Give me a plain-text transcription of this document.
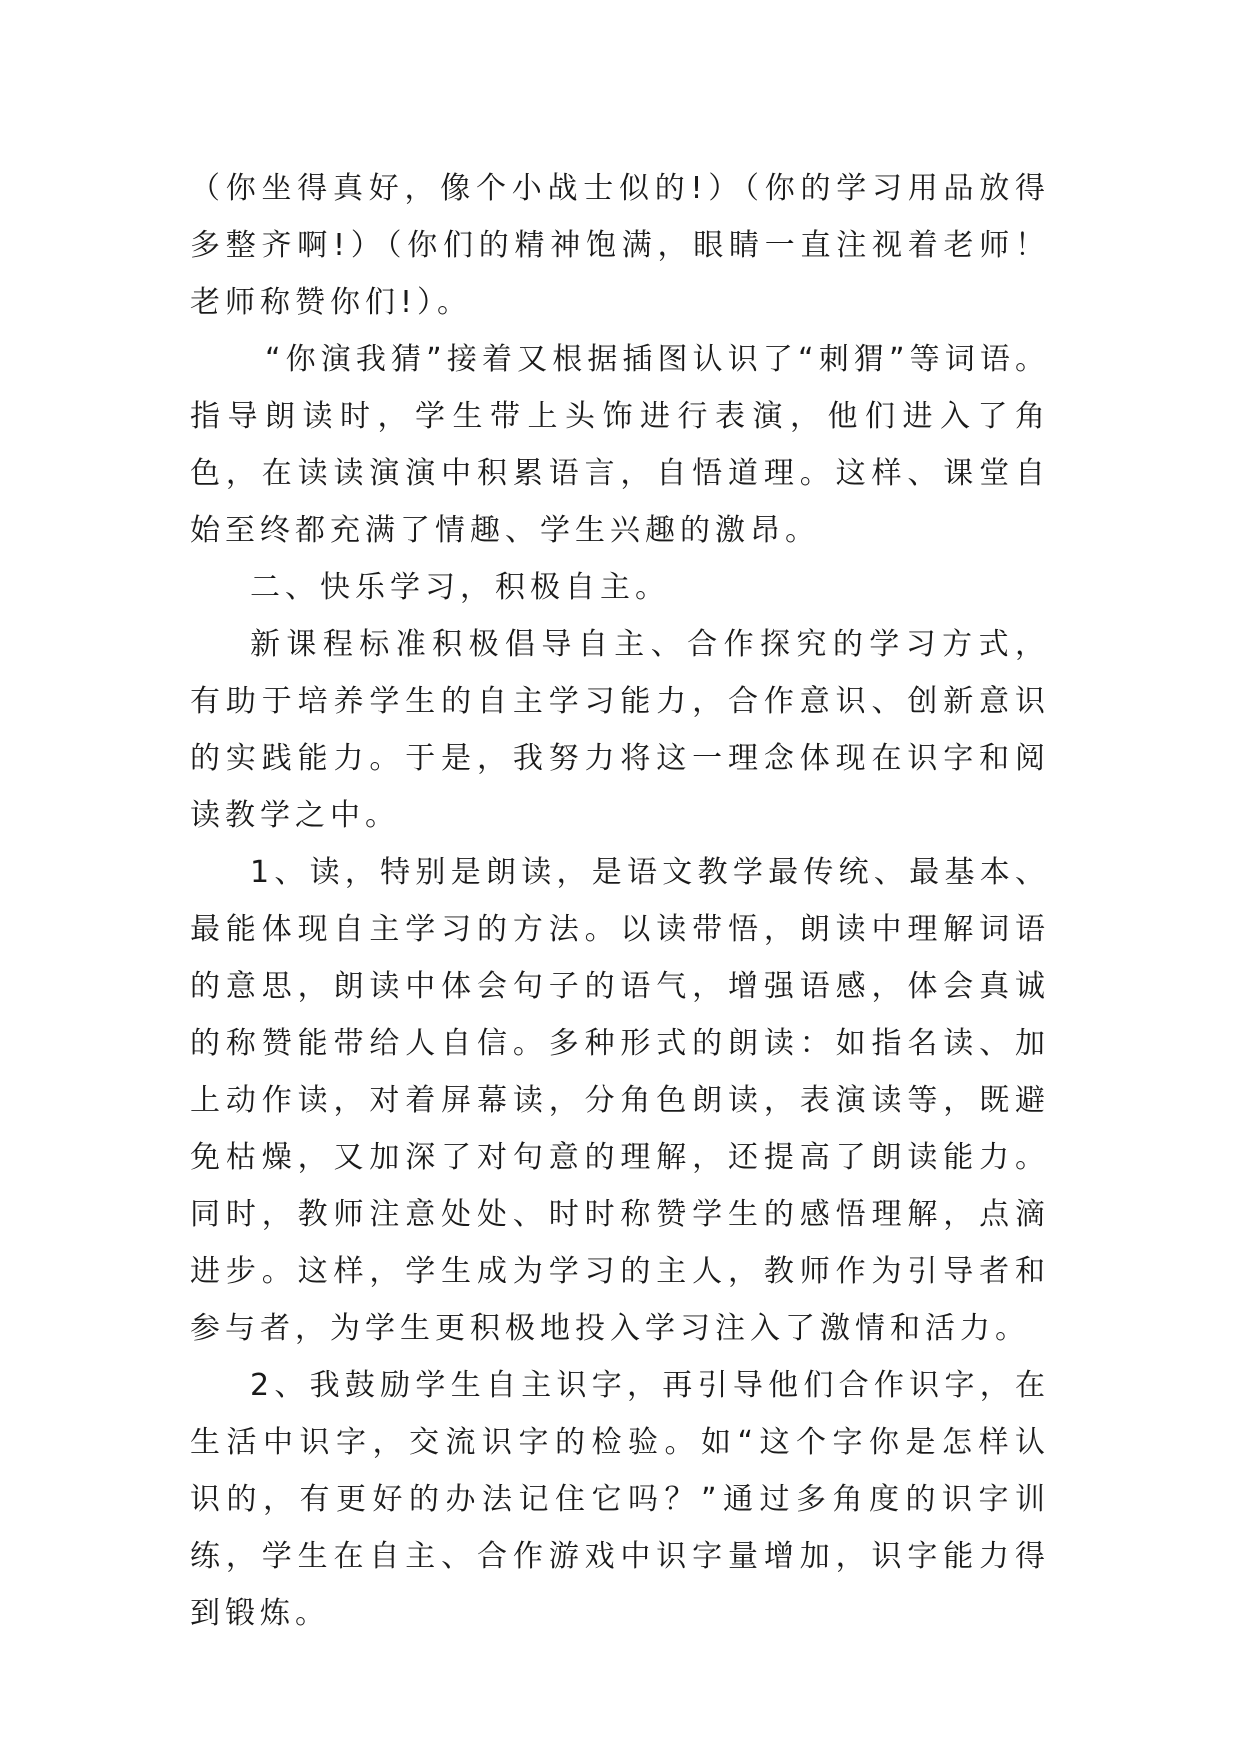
（你坐得真好，像个小战士似的!）（你的学习用品放得多整齐啊!）（你们的精神饱满，眼睛一直注视着老师！老师称赞你们!）。

“你演我猜”接着又根据插图认识了“刺猬”等词语。指导朗读时，学生带上头饰进行表演，他们进入了角色，在读读演演中积累语言，自悟道理。这样、课堂自始至终都充满了情趣、学生兴趣的激昂。

二、快乐学习，积极自主。

新课程标准积极倡导自主、合作探究的学习方式，有助于培养学生的自主学习能力，合作意识、创新意识的实践能力。于是，我努力将这一理念体现在识字和阅读教学之中。

1、读，特别是朗读，是语文教学最传统、最基本、最能体现自主学习的方法。以读带悟，朗读中理解词语的意思，朗读中体会句子的语气，增强语感，体会真诚的称赞能带给人自信。多种形式的朗读：如指名读、加上动作读，对着屏幕读，分角色朗读，表演读等，既避免枯燥，又加深了对句意的理解，还提高了朗读能力。同时，教师注意处处、时时称赞学生的感悟理解，点滴进步。这样，学生成为学习的主人，教师作为引导者和参与者，为学生更积极地投入学习注入了激情和活力。

2、我鼓励学生自主识字，再引导他们合作识字，在生活中识字，交流识字的检验。如“这个字你是怎样认识的，有更好的办法记住它吗？”通过多角度的识字训练，学生在自主、合作游戏中识字量增加，识字能力得到锻炼。
